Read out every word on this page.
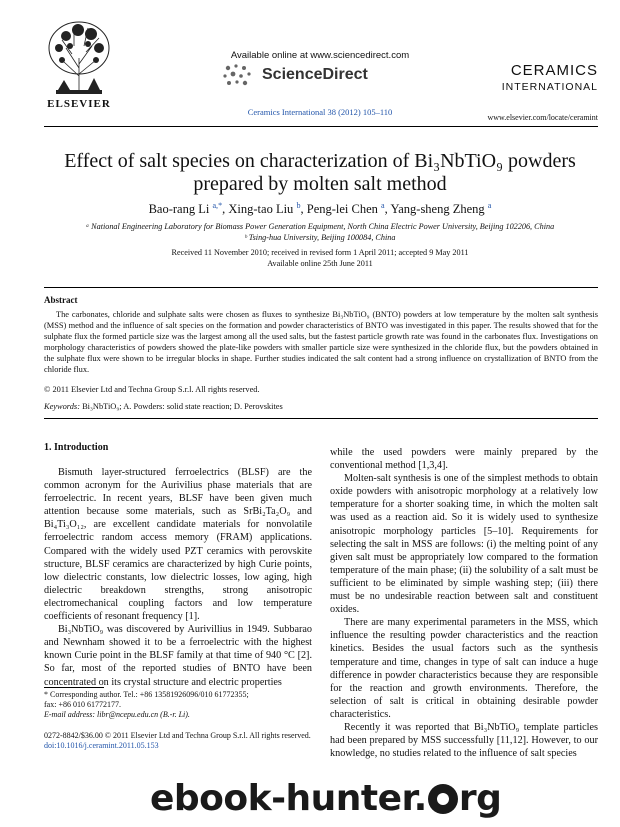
ELSEVIER
Available online at www.sciencedirect.com
ScienceDirect
Ceramics International 38 (2012) 105–110
CERAMICS
INTERNATIONAL
www.elsevier.com/locate/ceramint
Effect of salt species on characterization of Bi₃NbTiO₉ powders prepared by molten salt method
Bao-rang Li $^{a,*}$, Xing-tao Liu $^b$, Peng-lei Chen $^a$, Yang-sheng Zheng $^a$
ᵃ National Engineering Laboratory for Biomass Power Generation Equipment, North China Electric Power University, Beijing 102206, China
ᵇ Tsing-hua University, Beijing 100084, China
Received 11 November 2010; received in revised form 1 April 2011; accepted 9 May 2011
Available online 25th June 2011
Abstract
The carbonates, chloride and sulphate salts were chosen as fluxes to synthesize Bi₃NbTiO₉ (BNTO) powders at low temperature by the molten salt synthesis (MSS) method and the influence of salt species on the formation and powder characteristics of BNTO was investigated in this paper. The results showed that for the sulphate flux the formed particle size was the largest among all the used salts, but the fastest particle growth rate was found in the carbonates flux. Investigations on morphology characteristics of powders showed the plate-like powders with smaller particle size were synthesized in the chloride flux, but the powders obtained in the sulphate flux were shown to be irregular blocks in shape. Further studies indicated the salt content had a strong influence on crystallization of BNTO from the chloride flux.
© 2011 Elsevier Ltd and Techna Group S.r.l. All rights reserved.
Keywords: Bi₃NbTiO₉; A. Powders: solid state reaction; D. Perovskites
1. Introduction

Bismuth layer-structured ferroelectrics (BLSF) are the common acronym for the Aurivilius phase materials that are ferroelectric. In recent years, BLSF have been given much attention because some materials, such as SrBi₂Ta₂O₉ and Bi₄Ti₃O₁₂, are excellent candidate materials for nonvolatile ferroelectric random access memory (FRAM) applications. Compared with the widely used PZT ceramics with perovskite structure, BLSF ceramics are characterized by high Curie points, low dielectric constants, low dielectric losses, low aging, high dielectric breakdown strengths, strong anisotropic electromechanical coupling factors and low temperature coefficients of resonant frequency [1].

Bi₃NbTiO₉ was discovered by Aurivillius in 1949. Subbarao and Newnham showed it to be a ferroelectric with the highest known Curie point in the BLSF family at that time of 940 °C [2]. So far, most of the reported studies of BNTO have been concentrated on its crystal structure and electric properties

while the used powders were mainly prepared by the conventional method [1,3,4].

Molten-salt synthesis is one of the simplest methods to obtain oxide powders with anisotropic morphology at a relatively low temperature for a shorter soaking time, in which the molten salt was used as a reaction aid. So it is widely used to synthesize anisotropic morphology particles [5–10]. Requirements for selecting the salt in MSS are follows: (i) the melting point of any given salt must be appropriately low compared to the formation temperature of the main phase; (ii) the solubility of a salt must be sufficient to be eliminated by simple washing step; (iii) there must be no undesirable reaction between salt and constituent oxides.

There are many experimental parameters in the MSS, which influence the resulting powder characteristics and the reaction kinetics. Besides the usual factors such as the synthesis temperature and time, changes in type of salt can induce a huge difference in powder characteristics because they are responsible for the reaction and growth environments. Therefore, the selection of salt is critical in obtaining desirable powder characteristics.

Recently it was reported that Bi₃NbTiO₉ template particles had been prepared by MSS successfully [11,12]. However, to our knowledge, no studies related to the influence of salt species

* Corresponding author. Tel.: +86 13581926096/010 61772355;
fax: +86 010 61772177.
E-mail address: libr@ncepu.edu.cn (B.-r. Li).
0272-8842/$36.00 © 2011 Elsevier Ltd and Techna Group S.r.l. All rights reserved.
doi:10.1016/j.ceramint.2011.05.153
ebook-hunter. rg
